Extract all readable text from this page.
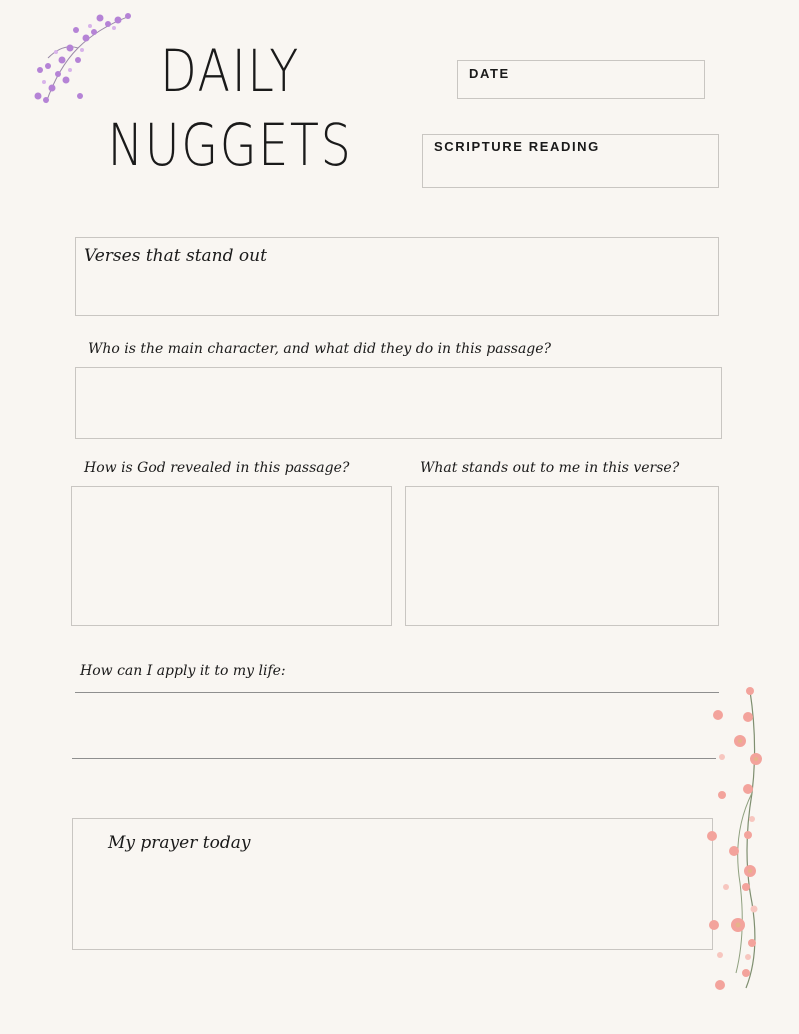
DAILY
NUGGETS
DATE
SCRIPTURE READING
Verses that stand out
Who is the main character, and what did they do in this passage?
How is God revealed in this passage?	What stands out to me in this verse?
How can I apply it to my life:
My prayer today
